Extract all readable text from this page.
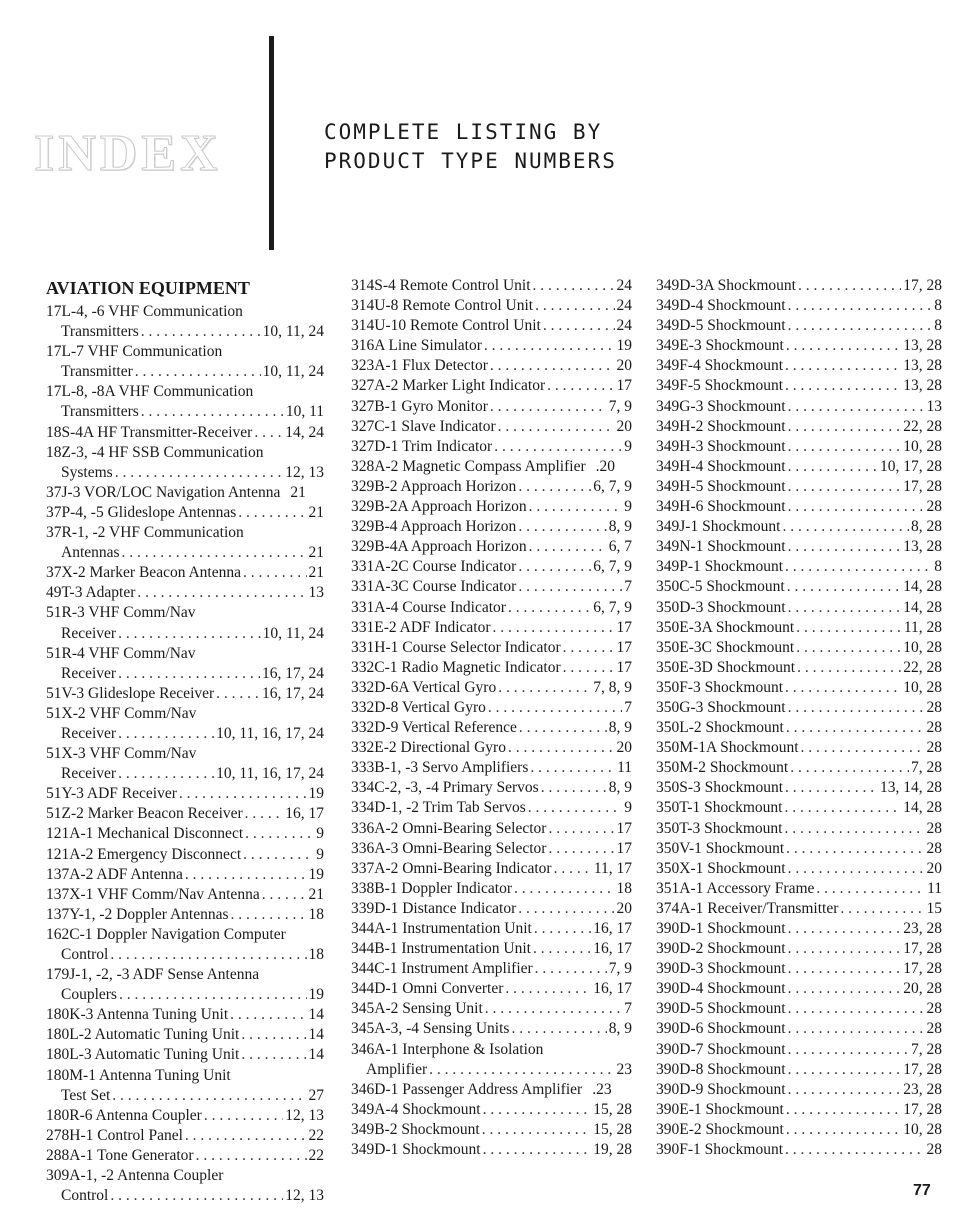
INDEX	COMPLETE LISTING BY
PRODUCT TYPE NUMBERS
AVIATION EQUIPMENT
17L-4, -6 VHF Communication
Transmitters . . .	10, 11, 24
17L-7 VHF Communication
Transmitter . . .	10, 11, 24
17L-8, -8A VHF Communication
Transmitters . . .	10, 11
18S-4A HF Transmitter-Receiver . . . 14, 24
18Z-3, -4 HF SSB Communication
Systems . . .	12, 13
37J-3 VOR/LOC Navigation Antenna 21
37P-4, -5 Glideslope Antennas . . .	21
37R-1, -2 VHF Communication
Antennas . . .	21
37X-2 Marker Beacon Antenna . . .	21
49T-3 Adapter . . .	13
51R-3 VHF Comm/Nav
Receiver . . .	10, 11, 24
51R-4 VHF Comm/Nav
Receiver . . .	16, 17, 24
51V-3 Glideslope Receiver . . .	16, 17, 24
51X-2 VHF Comm/Nav
Receiver . . .	10, 11, 16, 17, 24
51X-3 VHF Comm/Nav
Receiver . . .	10, 11, 16, 17, 24
51Y-3 ADF Receiver . . .	19
51Z-2 Marker Beacon Receiver . . .	16, 17
121A-1 Mechanical Disconnect . . .	9
121A-2 Emergency Disconnect . . .	9
137A-2 ADF Antenna . . .	19
137X-1 VHF Comm/Nav Antenna . . .	21
137Y-1, -2 Doppler Antennas . . .	18
162C-1 Doppler Navigation Computer
Control . . .	18
179J-1, -2, -3 ADF Sense Antenna
Couplers . . .	19
180K-3 Antenna Tuning Unit . . .	14
180L-2 Automatic Tuning Unit . . .	14
180L-3 Automatic Tuning Unit . . .	14
180M-1 Antenna Tuning Unit
Test Set . . .	27
180R-6 Antenna Coupler . . .	12, 13
278H-1 Control Panel . . .	22
288A-1 Tone Generator . . .	22
309A-1, -2 Antenna Coupler
Control . . .	12, 13
314S-4 Remote Control Unit . . .	24
314U-8 Remote Control Unit . . .	24
314U-10 Remote Control Unit . . .	24
316A Line Simulator . . .	19
323A-1 Flux Detector . . .	20
327A-2 Marker Light Indicator . . .	17
327B-1 Gyro Monitor . . .	7, 9
327C-1 Slave Indicator . . .	20
327D-1 Trim Indicator . . .	9
328A-2 Magnetic Compass Amplifier .20
329B-2 Approach Horizon . . .	6, 7, 9
329B-2A Approach Horizon . . .	9
329B-4 Approach Horizon . . .	8, 9
329B-4A Approach Horizon . . .	6, 7
331A-2C Course Indicator . . .	6, 7, 9
331A-3C Course Indicator . . .	7
331A-4 Course Indicator . . .	6, 7, 9
331E-2 ADF Indicator . . .	17
331H-1 Course Selector Indicator . . .	17
332C-1 Radio Magnetic Indicator . . .	17
332D-6A Vertical Gyro . . .	7, 8, 9
332D-8 Vertical Gyro . . .	7
332D-9 Vertical Reference . . .	8, 9
332E-2 Directional Gyro . . .	20
333B-1, -3 Servo Amplifiers . . .	11
334C-2, -3, -4 Primary Servos . . .	8, 9
334D-1, -2 Trim Tab Servos . . .	9
336A-2 Omni-Bearing Selector . . .	17
336A-3 Omni-Bearing Selector . . .	17
337A-2 Omni-Bearing Indicator . . .	11, 17
338B-1 Doppler Indicator . . .	18
339D-1 Distance Indicator . . .	20
344A-1 Instrumentation Unit . . .	16, 17
344B-1 Instrumentation Unit . . .	16, 17
344C-1 Instrument Amplifier . . .	7, 9
344D-1 Omni Converter . . .	16, 17
345A-2 Sensing Unit . . .	7
345A-3, -4 Sensing Units . . .	8, 9
346A-1 Interphone & Isolation
Amplifier . . .	23
346D-1 Passenger Address Amplifier .23
349A-4 Shockmount . . .	15, 28
349B-2 Shockmount . . .	15, 28
349D-1 Shockmount . . .	19, 28
349D-3A Shockmount . . .	17, 28
349D-4 Shockmount . . .	8
349D-5 Shockmount . . .	8
349E-3 Shockmount . . .	13, 28
349F-4 Shockmount . . .	13, 28
349F-5 Shockmount . . .	13, 28
349G-3 Shockmount . . .	13
349H-2 Shockmount . . .	22, 28
349H-3 Shockmount . . .	10, 28
349H-4 Shockmount . . .	10, 17, 28
349H-5 Shockmount . . .	17, 28
349H-6 Shockmount . . .	28
349J-1 Shockmount . . .	8, 28
349N-1 Shockmount . . .	13, 28
349P-1 Shockmount . . .	8
350C-5 Shockmount . . .	14, 28
350D-3 Shockmount . . .	14, 28
350E-3A Shockmount . . .	11, 28
350E-3C Shockmount . . .	10, 28
350E-3D Shockmount . . .	22, 28
350F-3 Shockmount . . .	10, 28
350G-3 Shockmount . . .	28
350L-2 Shockmount . . .	28
350M-1A Shockmount . . .	28
350M-2 Shockmount . . .	7, 28
350S-3 Shockmount . . .	13, 14, 28
350T-1 Shockmount . . .	14, 28
350T-3 Shockmount . . .	28
350V-1 Shockmount . . .	28
350X-1 Shockmount . . .	20
351A-1 Accessory Frame . . .	11
374A-1 Receiver/Transmitter . . .	15
390D-1 Shockmount . . .	23, 28
390D-2 Shockmount . . .	17, 28
390D-3 Shockmount . . .	17, 28
390D-4 Shockmount . . .	20, 28
390D-5 Shockmount . . .	28
390D-6 Shockmount . . .	28
390D-7 Shockmount . . .	7, 28
390D-8 Shockmount . . .	17, 28
390D-9 Shockmount . . .	23, 28
390E-1 Shockmount . . .	17, 28
390E-2 Shockmount . . .	10, 28
390F-1 Shockmount . . .	28
77
